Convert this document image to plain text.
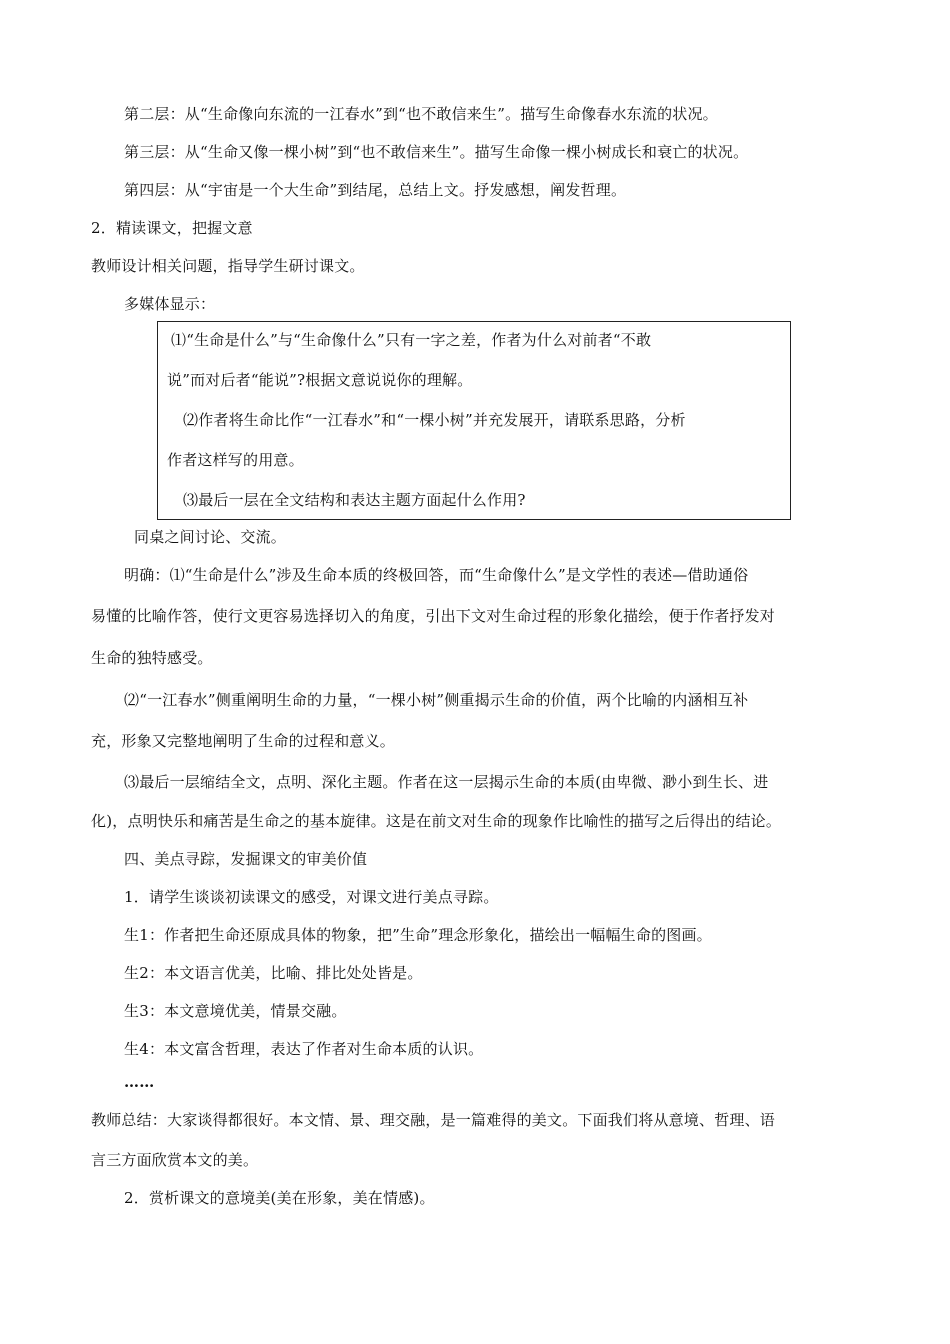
第二层：从“生命像向东流的一江春水”到“也不敢信来生”。描写生命像春水东流的状况。
第三层：从“生命又像一棵小树”到“也不敢信来生”。描写生命像一棵小树成长和衰亡的状况。
第四层：从“宇宙是一个大生命”到结尾，总结上文。抒发感想，阐发哲理。
2．精读课文，把握文意
教师设计相关问题，指导学生研讨课文。
多媒体显示：
⑴“生命是什么”与“生命像什么”只有一字之差，作者为什么对前者“不敢
说”而对后者“能说”?根据文意说说你的理解。
⑵作者将生命比作“一江春水”和“一棵小树”并充发展开，请联系思路，分析
作者这样写的用意。
⑶最后一层在全文结构和表达主题方面起什么作用?
同桌之间讨论、交流。
明确：⑴“生命是什么”涉及生命本质的终极回答，而“生命像什么”是文学性的表述—借助通俗
易懂的比喻作答，使行文更容易选择切入的角度，引出下文对生命过程的形象化描绘，便于作者抒发对
生命的独特感受。
⑵“一江春水”侧重阐明生命的力量，“一棵小树”侧重揭示生命的价值，两个比喻的内涵相互补
充，形象又完整地阐明了生命的过程和意义。
⑶最后一层缩结全文，点明、深化主题。作者在这一层揭示生命的本质(由卑微、渺小到生长、进
化)，点明快乐和痛苦是生命之的基本旋律。这是在前文对生命的现象作比喻性的描写之后得出的结论。
四、美点寻踪，发掘课文的审美价值
1．请学生谈谈初读课文的感受，对课文进行美点寻踪。
生1：作者把生命还原成具体的物象，把”生命”理念形象化，描绘出一幅幅生命的图画。
生2：本文语言优美，比喻、排比处处皆是。
生3：本文意境优美，情景交融。
生4：本文富含哲理，表达了作者对生命本质的认识。
……
教师总结：大家谈得都很好。本文情、景、理交融，是一篇难得的美文。下面我们将从意境、哲理、语
言三方面欣赏本文的美。
2．赏析课文的意境美(美在形象，美在情感)。
